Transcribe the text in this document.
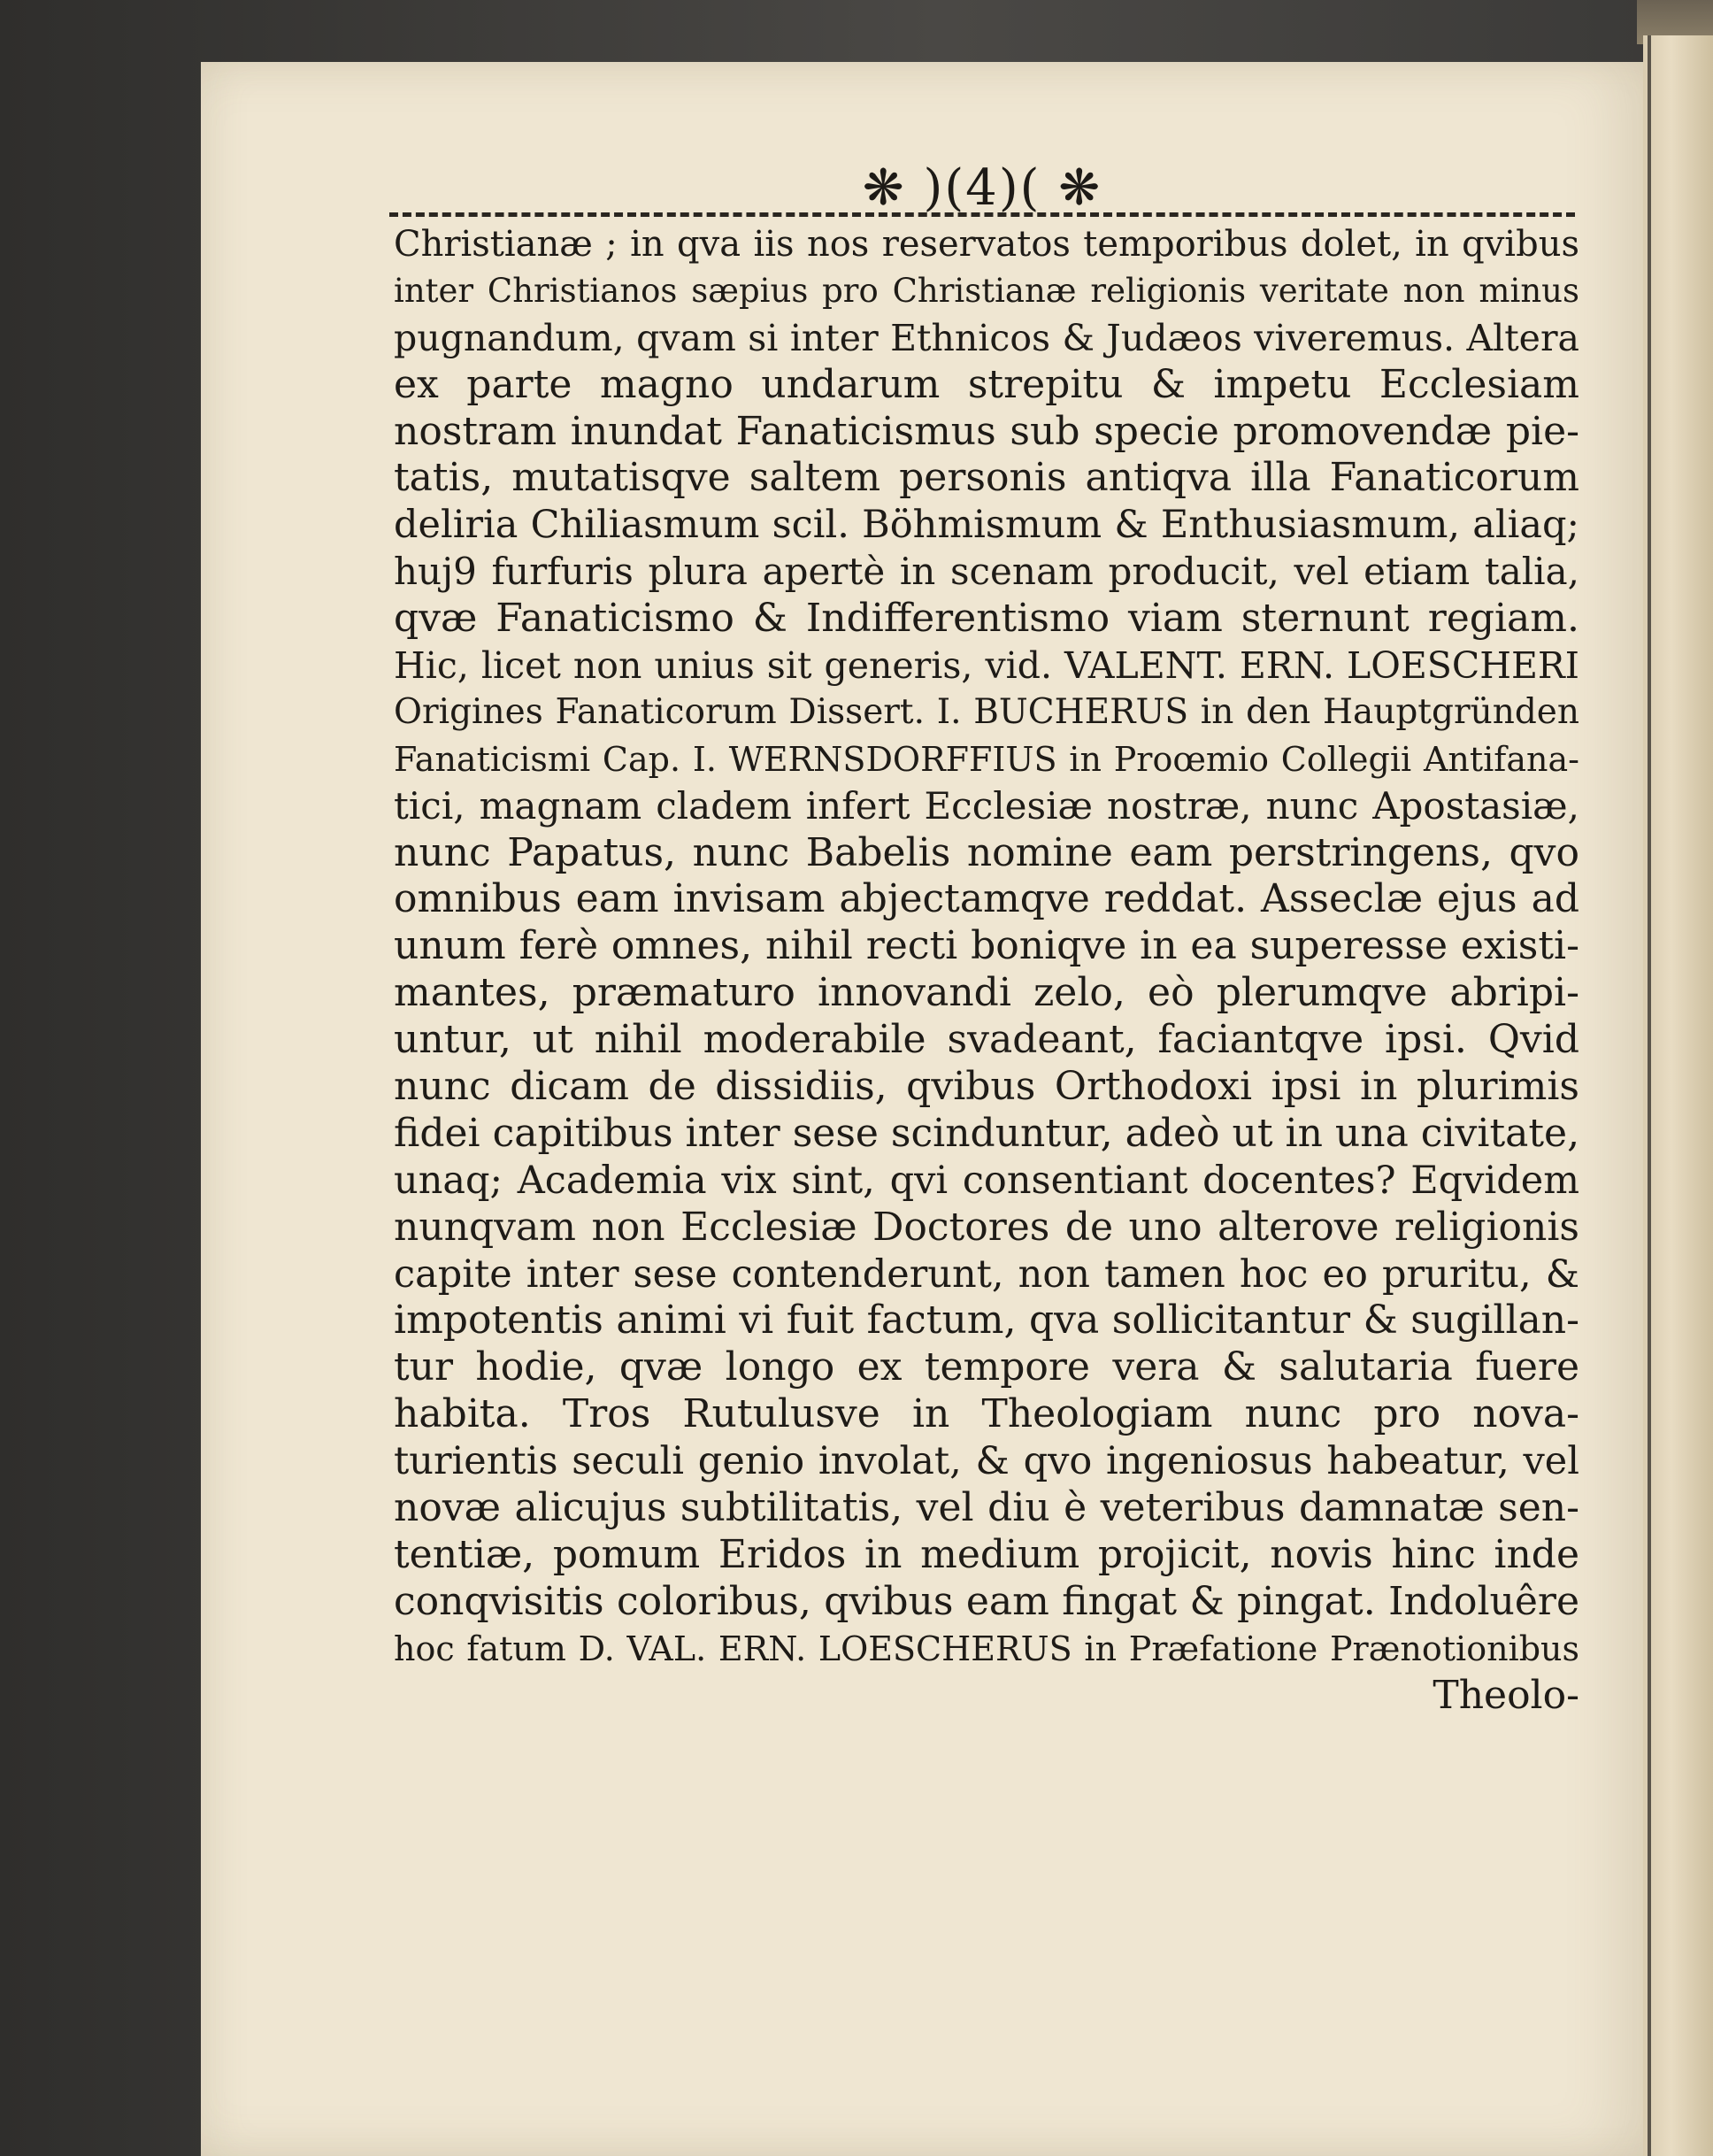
❋ )(4)( ❋
Christianæ ; in qva iis nos reservatos temporibus dolet, in qvibus
inter Christianos sæpius pro Christianæ religionis veritate non minus
pugnandum, qvam si inter Ethnicos & Judæos viveremus. Altera
ex parte magno undarum strepitu & impetu Ecclesiam
nostram inundat Fanaticismus sub specie promovendæ pie-
tatis, mutatisqve saltem personis antiqva illa Fanaticorum
deliria Chiliasmum scil. Böhmismum & Enthusiasmum, aliaq;
huj9 furfuris plura apertè in scenam producit, vel etiam talia,
qvæ Fanaticismo & Indifferentismo viam sternunt regiam.
Hic, licet non unius sit generis, vid. VALENT. ERN. LOESCHERI
Origines Fanaticorum Dissert. I. BUCHERUS in den Hauptgründen
Fanaticismi Cap. I. WERNSDORFFIUS in Proœmio Collegii Antifana-
tici, magnam cladem infert Ecclesiæ nostræ, nunc Apostasiæ,
nunc Papatus, nunc Babelis nomine eam perstringens, qvo
omnibus eam invisam abjectamqve reddat. Asseclæ ejus ad
unum ferè omnes, nihil recti boniqve in ea superesse existi-
mantes, præmaturo innovandi zelo, eò plerumqve abripi-
untur, ut nihil moderabile svadeant, faciantqve ipsi. Qvid
nunc dicam de dissidiis, qvibus Orthodoxi ipsi in plurimis
fidei capitibus inter sese scinduntur, adeò ut in una civitate,
unaq; Academia vix sint, qvi consentiant docentes? Eqvidem
nunqvam non Ecclesiæ Doctores de uno alterove religionis
capite inter sese contenderunt, non tamen hoc eo pruritu, &
impotentis animi vi fuit factum, qva sollicitantur & sugillan-
tur hodie, qvæ longo ex tempore vera & salutaria fuere
habita. Tros Rutulusve in Theologiam nunc pro nova-
turientis seculi genio involat, & qvo ingeniosus habeatur, vel
novæ alicujus subtilitatis, vel diu è veteribus damnatæ sen-
tentiæ, pomum Eridos in medium projicit, novis hinc inde
conqvisitis coloribus, qvibus eam fingat & pingat. Indoluêre
hoc fatum D. VAL. ERN. LOESCHERUS in Præfatione Prænotionibus
Theolo-
